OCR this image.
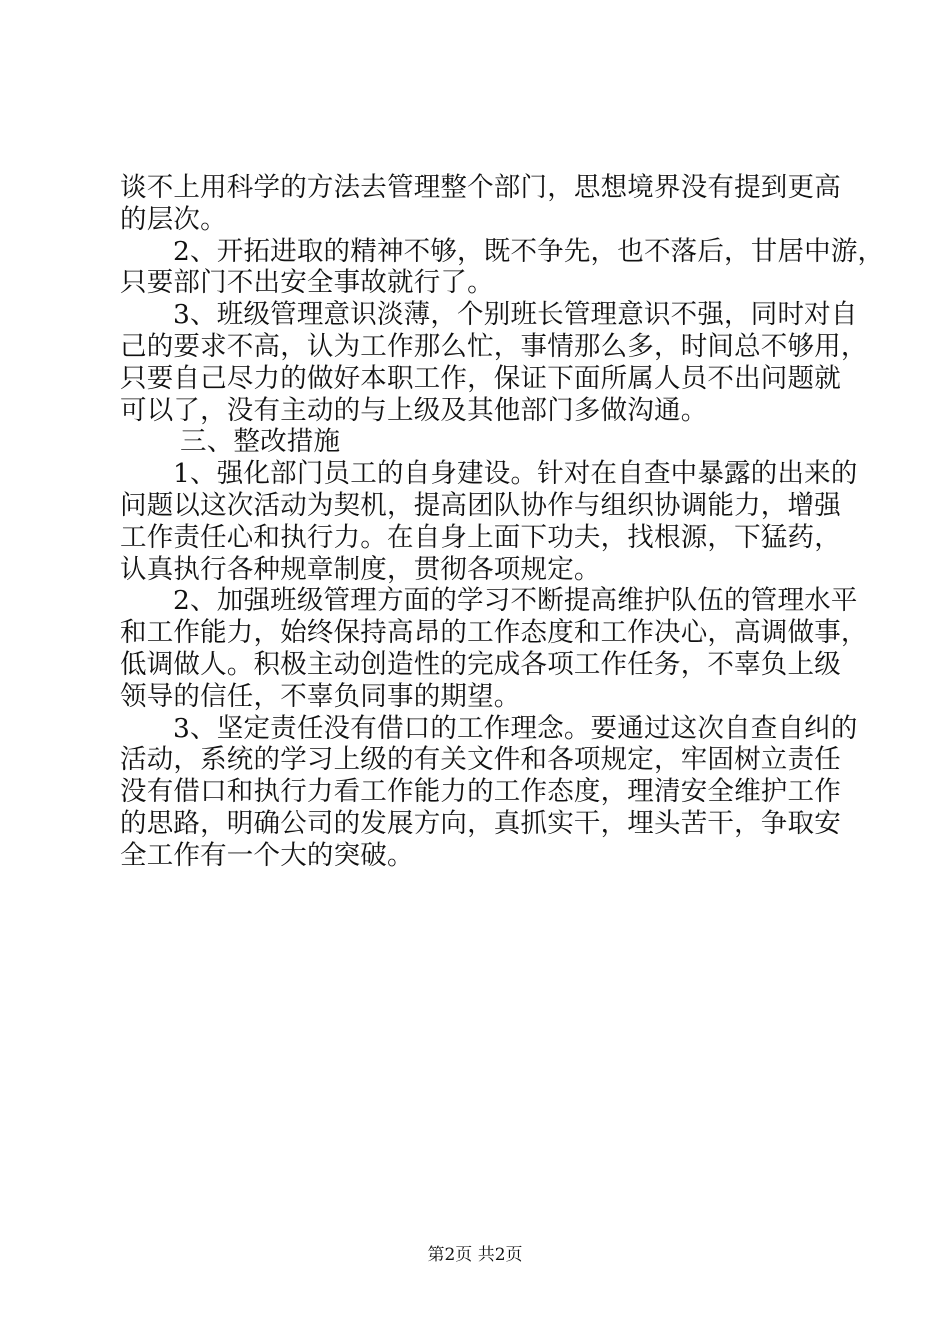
谈不上用科学的方法去管理整个部门，思想境界没有提到更高
的层次。
2、开拓进取的精神不够，既不争先，也不落后，甘居中游，
只要部门不出安全事故就行了。
3、班级管理意识淡薄，个别班长管理意识不强，同时对自
己的要求不高，认为工作那么忙，事情那么多，时间总不够用，
只要自己尽力的做好本职工作，保证下面所属人员不出问题就
可以了，没有主动的与上级及其他部门多做沟通。
三、整改措施
1、强化部门员工的自身建设。针对在自查中暴露的出来的
问题以这次活动为契机，提高团队协作与组织协调能力，增强
工作责任心和执行力。在自身上面下功夫，找根源，下猛药，
认真执行各种规章制度，贯彻各项规定。
2、加强班级管理方面的学习不断提高维护队伍的管理水平
和工作能力，始终保持高昂的工作态度和工作决心，高调做事，
低调做人。积极主动创造性的完成各项工作任务，不辜负上级
领导的信任，不辜负同事的期望。
3、坚定责任没有借口的工作理念。要通过这次自查自纠的
活动，系统的学习上级的有关文件和各项规定，牢固树立责任
没有借口和执行力看工作能力的工作态度，理清安全维护工作
的思路，明确公司的发展方向，真抓实干，埋头苦干，争取安
全工作有一个大的突破。
第2页 共2页
